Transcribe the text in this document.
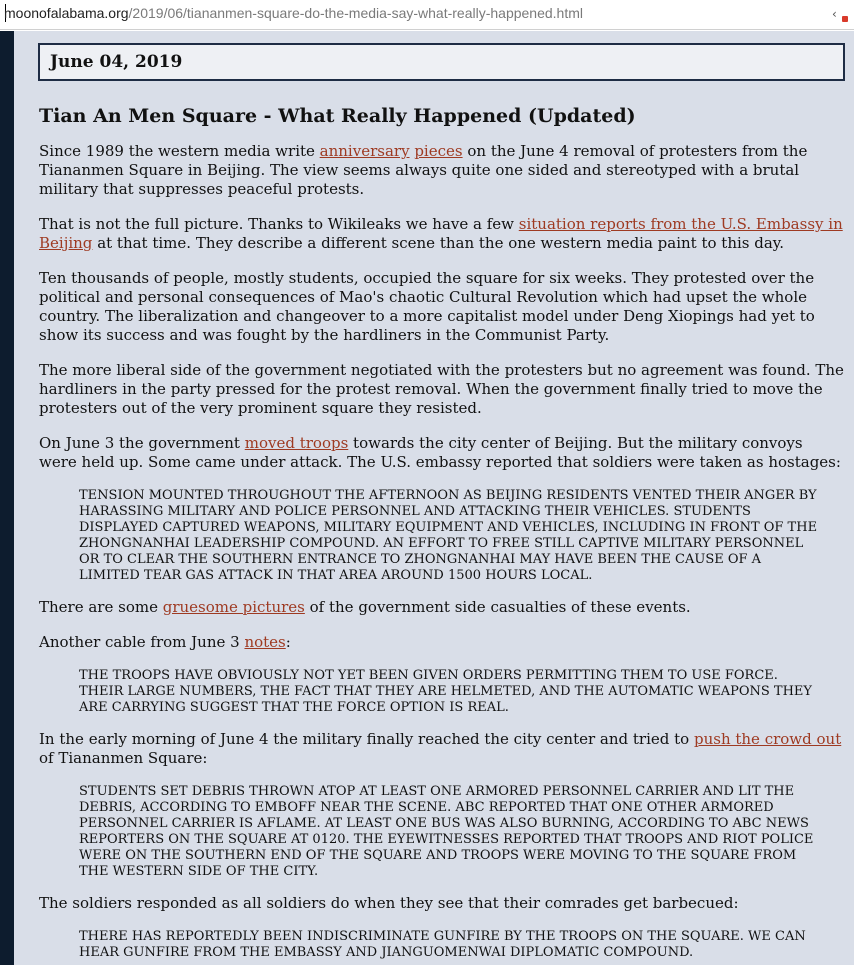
moonofalabama.org/2019/06/tiananmen-square-do-the-media-say-what-really-happened.html	‹
June 04, 2019
Tian An Men Square - What Really Happened (Updated)

Since 1989 the western media write anniversary pieces on the June 4 removal of protesters from the Tiananmen Square in Beijing. The view seems always quite one sided and stereotyped with a brutal military that suppresses peaceful protests.

That is not the full picture. Thanks to Wikileaks we have a few situation reports from the U.S. Embassy in Beijing at that time. They describe a different scene than the one western media paint to this day.

Ten thousands of people, mostly students, occupied the square for six weeks. They protested over the political and personal consequences of Mao's chaotic Cultural Revolution which had upset the whole country. The liberalization and changeover to a more capitalist model under Deng Xiopings had yet to show its success and was fought by the hardliners in the Communist Party.

The more liberal side of the government negotiated with the protesters but no agreement was found. The hardliners in the party pressed for the protest removal. When the government finally tried to move the protesters out of the very prominent square they resisted.

On June 3 the government moved troops towards the city center of Beijing. But the military convoys were held up. Some came under attack. The U.S. embassy reported that soldiers were taken as hostages:

TENSION MOUNTED THROUGHOUT THE AFTERNOON AS BEIJING RESIDENTS VENTED THEIR ANGER BY HARASSING MILITARY AND POLICE PERSONNEL AND ATTACKING THEIR VEHICLES. STUDENTS DISPLAYED CAPTURED WEAPONS, MILITARY EQUIPMENT AND VEHICLES, INCLUDING IN FRONT OF THE ZHONGNANHAI LEADERSHIP COMPOUND. AN EFFORT TO FREE STILL CAPTIVE MILITARY PERSONNEL OR TO CLEAR THE SOUTHERN ENTRANCE TO ZHONGNANHAI MAY HAVE BEEN THE CAUSE OF A LIMITED TEAR GAS ATTACK IN THAT AREA AROUND 1500 HOURS LOCAL.

There are some gruesome pictures of the government side casualties of these events.

Another cable from June 3 notes:

THE TROOPS HAVE OBVIOUSLY NOT YET BEEN GIVEN ORDERS PERMITTING THEM TO USE FORCE. THEIR LARGE NUMBERS, THE FACT THAT THEY ARE HELMETED, AND THE AUTOMATIC WEAPONS THEY ARE CARRYING SUGGEST THAT THE FORCE OPTION IS REAL.

In the early morning of June 4 the military finally reached the city center and tried to push the crowd out of Tiananmen Square:

STUDENTS SET DEBRIS THROWN ATOP AT LEAST ONE ARMORED PERSONNEL CARRIER AND LIT THE DEBRIS, ACCORDING TO EMBOFF NEAR THE SCENE. ABC REPORTED THAT ONE OTHER ARMORED PERSONNEL CARRIER IS AFLAME. AT LEAST ONE BUS WAS ALSO BURNING, ACCORDING TO ABC NEWS REPORTERS ON THE SQUARE AT 0120. THE EYEWITNESSES REPORTED THAT TROOPS AND RIOT POLICE WERE ON THE SOUTHERN END OF THE SQUARE AND TROOPS WERE MOVING TO THE SQUARE FROM THE WESTERN SIDE OF THE CITY.

The soldiers responded as all soldiers do when they see that their comrades get barbecued:

THERE HAS REPORTEDLY BEEN INDISCRIMINATE GUNFIRE BY THE TROOPS ON THE SQUARE. WE CAN HEAR GUNFIRE FROM THE EMBASSY AND JIANGUOMENWAI DIPLOMATIC COMPOUND.
